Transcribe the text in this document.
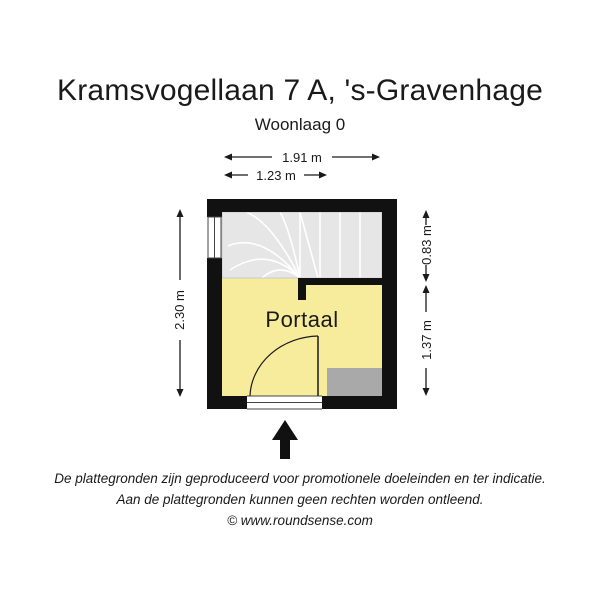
Kramsvogellaan 7 A, 's-Gravenhage
Woonlaag 0
1.91 m
1.23 m
2.30 m
0.83 m
1.37 m
Portaal
De plattegronden zijn geproduceerd voor promotionele doeleinden en ter indicatie.
Aan de plattegronden kunnen geen rechten worden ontleend.
© www.roundsense.com
